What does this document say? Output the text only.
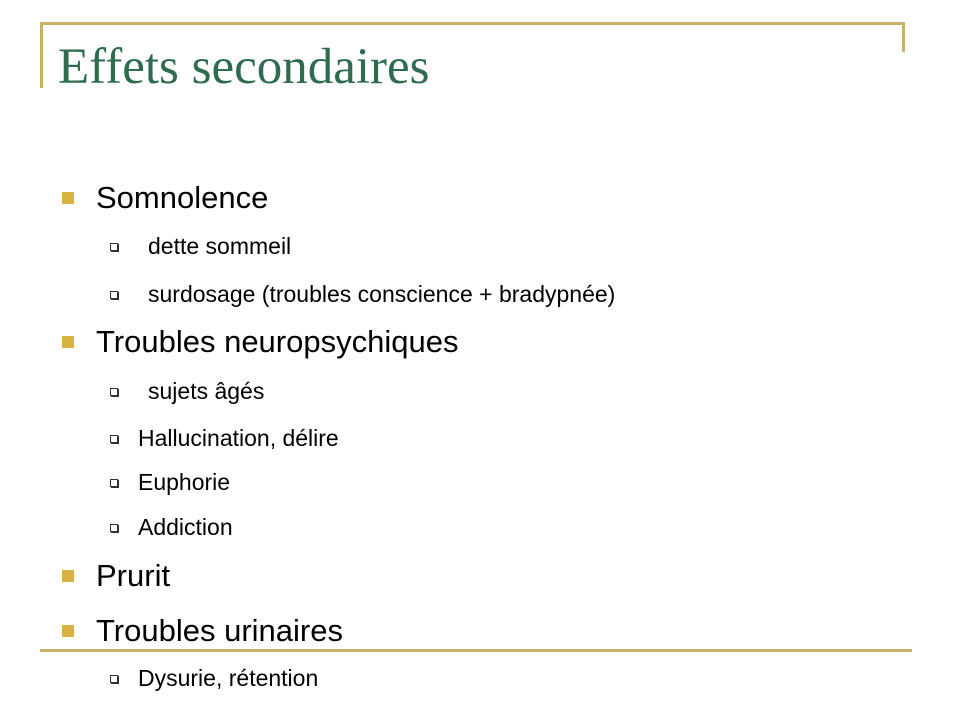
Effets secondaires
Somnolence
dette sommeil
surdosage (troubles conscience + bradypnée)
Troubles neuropsychiques
sujets âgés
Hallucination, délire
Euphorie
Addiction
Prurit
Troubles urinaires
Dysurie, rétention
